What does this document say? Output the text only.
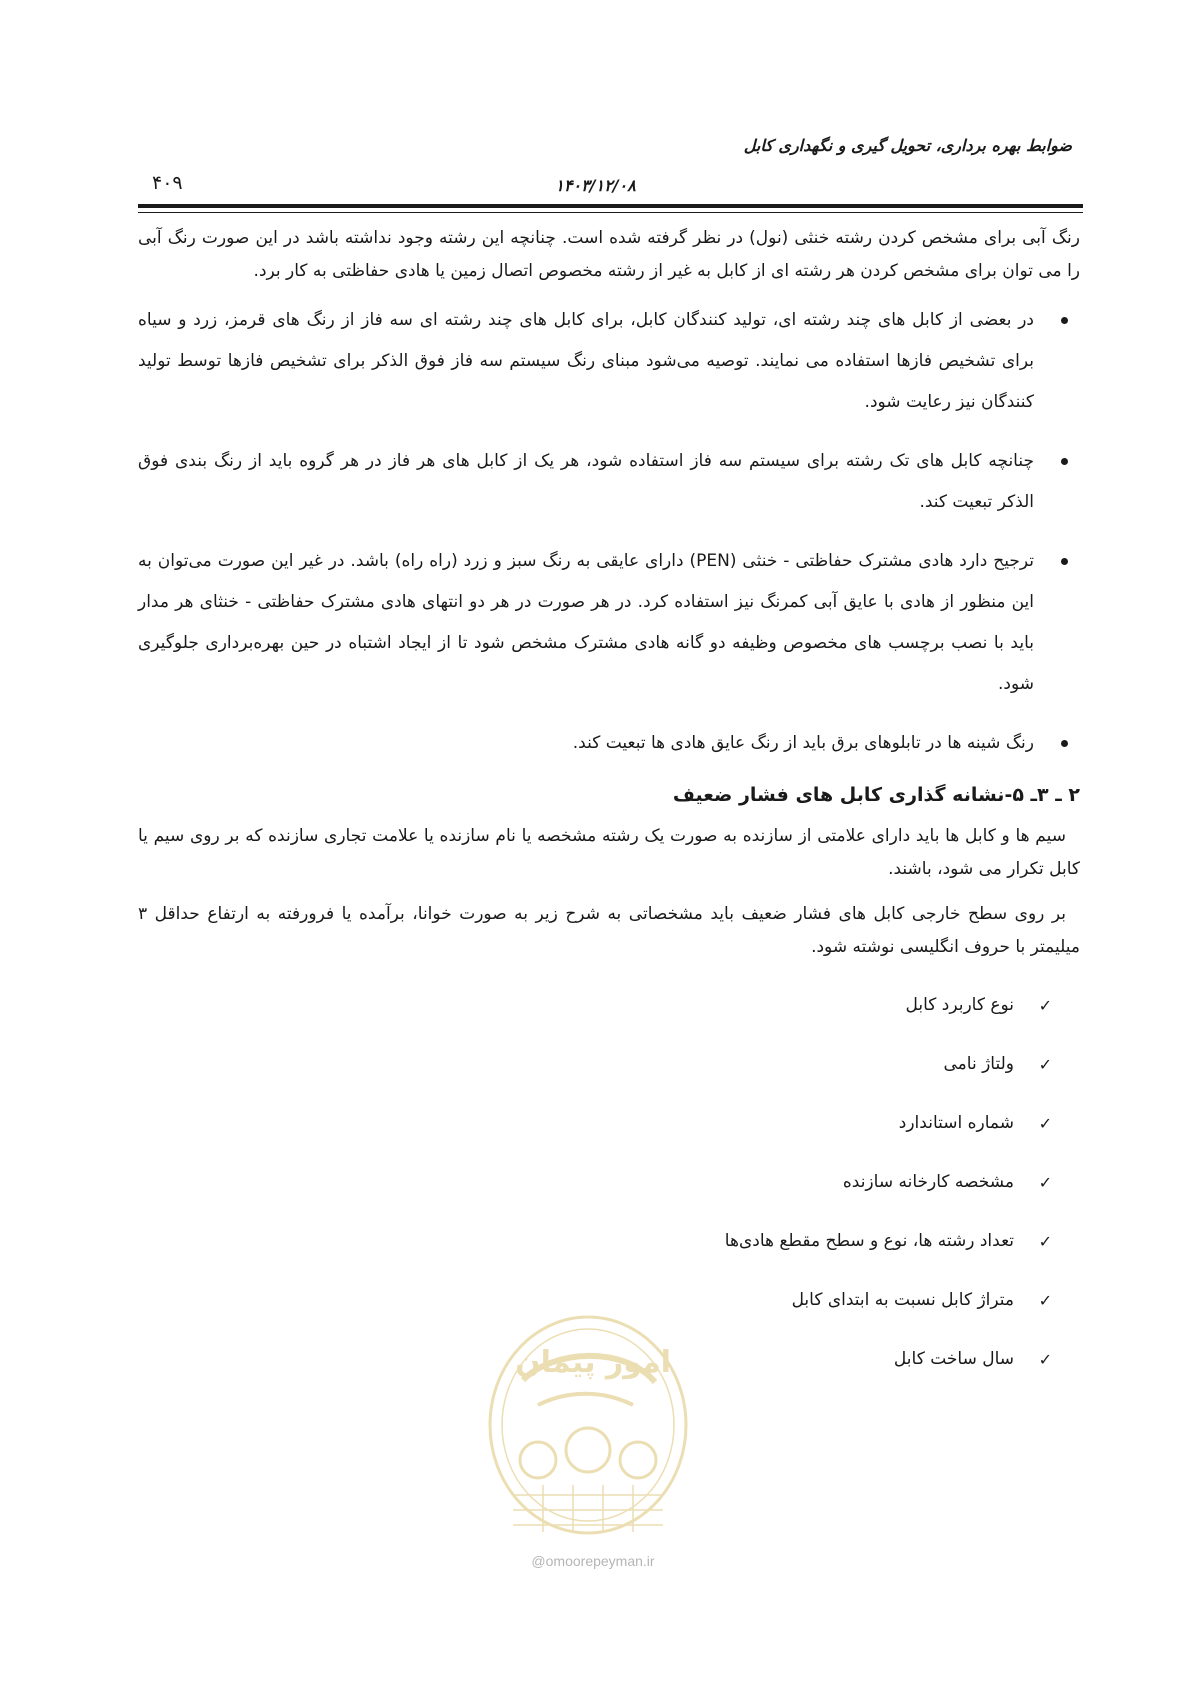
ضوابط بهره برداری، تحویل گیری و نگهداری کابل
۴۰۹	۱۴۰۳/۱۲/۰۸

رنگ آبی برای مشخص کردن رشته خنثی (نول) در نظر گرفته شده است. چنانچه این رشته وجود نداشته باشد در این صورت رنگ آبی را می توان برای مشخص کردن هر رشته ای از کابل به غیر از رشته مخصوص اتصال زمین یا هادی حفاظتی به کار برد.

در بعضی از کابل های چند رشته ای، تولید کنندگان کابل، برای کابل های چند رشته ای سه فاز از رنگ های قرمز، زرد و سیاه برای تشخیص فازها استفاده می نمایند. توصیه می‌شود مبنای رنگ سیستم سه فاز فوق الذکر برای تشخیص فازها توسط تولید کنندگان نیز رعایت شود.
چنانچه کابل های تک رشته برای سیستم سه فاز استفاده شود، هر یک از کابل های هر فاز در هر گروه باید از رنگ بندی فوق الذکر تبعیت کند.
ترجیح دارد هادی مشترک حفاظتی - خنثی (PEN) دارای عایقی به رنگ سبز و زرد (راه راه) باشد. در غیر این صورت می‌توان به این منظور از هادی با عایق آبی کمرنگ نیز استفاده کرد. در هر صورت در هر دو انتهای هادی مشترک حفاظتی - خنثای هر مدار باید با نصب برچسب های مخصوص وظیفه دو گانه هادی مشترک مشخص شود تا از ایجاد اشتباه در حین بهره‌برداری جلوگیری شود.
رنگ شینه ها در تابلوهای برق باید از رنگ عایق هادی ها تبعیت کند.
۲ ـ ۳ـ ۵-نشانه گذاری کابل های فشار ضعیف

سیم ها و کابل ها باید دارای علامتی از سازنده به صورت یک رشته مشخصه یا نام سازنده یا علامت تجاری سازنده که بر روی سیم یا کابل تکرار می شود، باشند.

بر روی سطح خارجی کابل های فشار ضعیف باید مشخصاتی به شرح زیر به صورت خوانا، برآمده یا فرورفته به ارتفاع حداقل ۳ میلیمتر با حروف انگلیسی نوشته شود.

✓
نوع کاربرد کابل
✓
ولتاژ نامی
✓
شماره استاندارد
✓
مشخصه کارخانه سازنده
✓
تعداد رشته ها، نوع و سطح مقطع هادی‌ها
✓
متراژ کابل نسبت به ابتدای کابل
✓
سال ساخت کابل
امور پیمان
@omoorepeyman.ir
